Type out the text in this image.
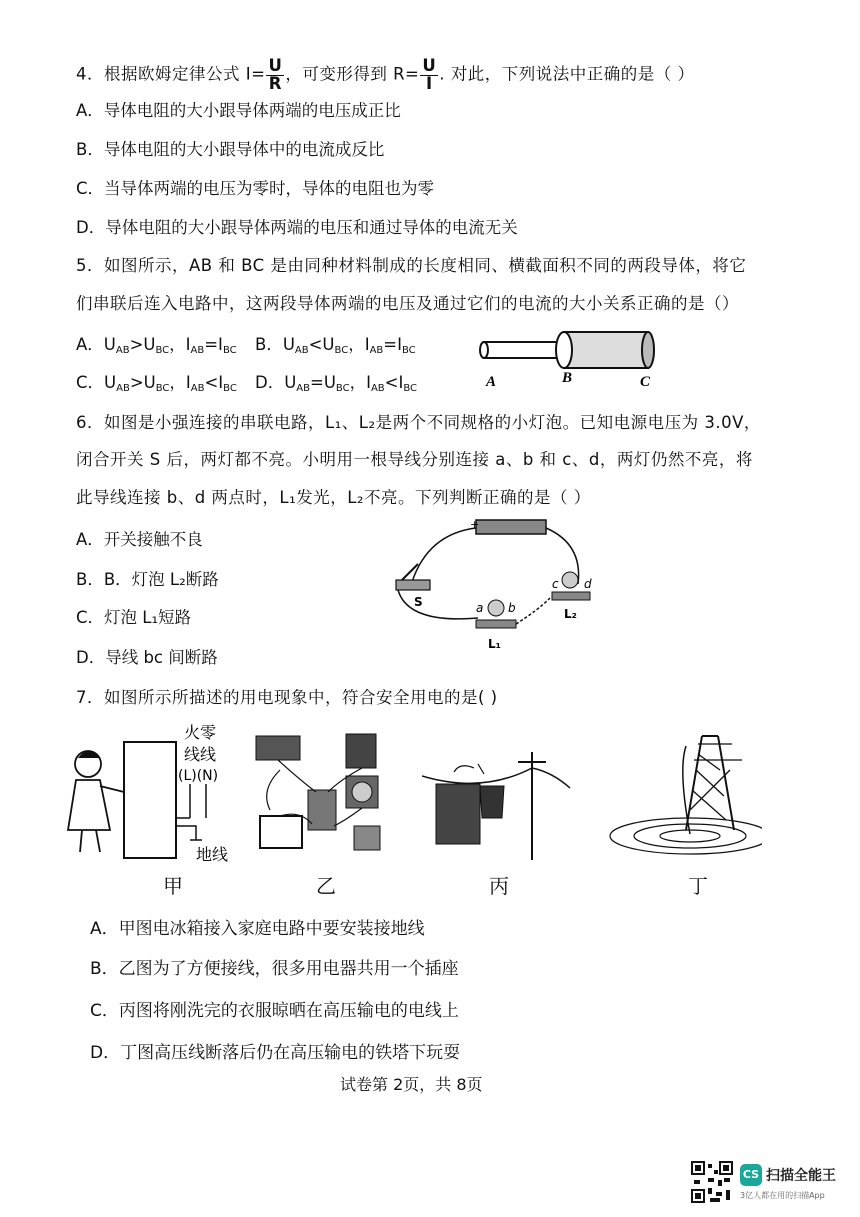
4．根据欧姆定律公式 $I= \frac{U}{R}$ ，可变形得到 $R= \frac{U}{I}$ . 对此，下列说法中正确的是（ ）
A．导体电阻的大小跟导体两端的电压成正比
B．导体电阻的大小跟导体中的电流成反比
C．当导体两端的电压为零时，导体的电阻也为零
D．导体电阻的大小跟导体两端的电压和通过导体的电流无关
5．如图所示，AB 和 BC 是由同种材料制成的长度相同、横截面积不同的两段导体，将它
们串联后连入电路中，这两段导体两端的电压及通过它们的电流的大小关系正确的是（）
A．$U_{AB}>U_{BC}$，$I_{AB}=I_{BC}$ B．$U_{AB}<U_{BC}$，$I_{AB}=I_{BC}$
C．$U_{AB}>U_{BC}$，$I_{AB}<I_{BC}$ D．$U_{AB}=U_{BC}$，$I_{AB}<I_{BC}$	A	B	C
6．如图是小强连接的串联电路，L₁、L₂是两个不同规格的小灯泡。已知电源电压为 3.0V，
闭合开关 S 后，两灯都不亮。小明用一根导线分别连接 a、b 和 c、d，两灯仍然不亮，将
此导线连接 b、d 两点时，L₁发光，L₂不亮。下列判断正确的是（ ）
A．开关接触不良
B．B．灯泡 L₂断路
C．灯泡 L₁短路
D．导线 bc 间断路
+
S	a b
L₁
c d
L₂
7．如图所示所描述的用电现象中，符合安全用电的是( )
火零
线线
(L)(N)
地线
甲	乙	丙	丁
A．甲图电冰箱接入家庭电路中要安装接地线
B．乙图为了方便接线，很多用电器共用一个插座
C．丙图将刚洗完的衣服晾晒在高压输电的电线上
D．丁图高压线断落后仍在高压输电的铁塔下玩耍
试卷第 2页，共 8页
CS 扫描全能王
3亿人都在用的扫描App
